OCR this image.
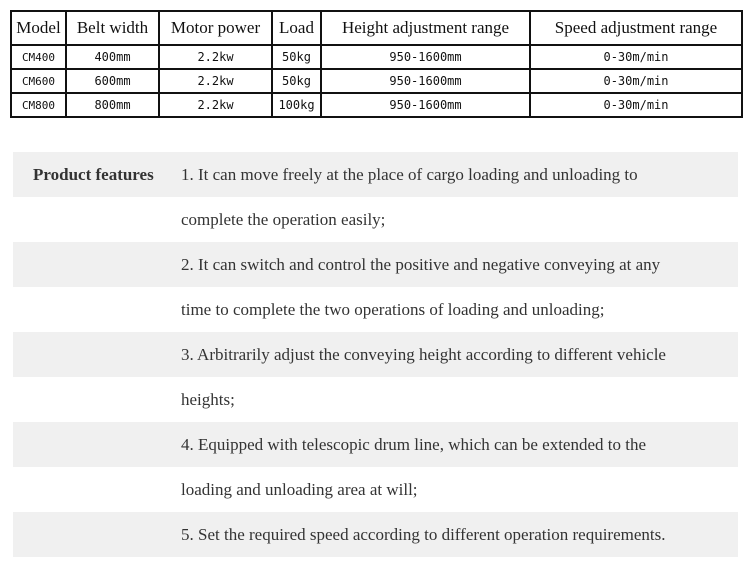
Model	Belt width	Motor power	Load	Height adjustment range	Speed adjustment range
CM400	400mm	2.2kw	50kg	950-1600mm	0-30m/min
CM600	600mm	2.2kw	50kg	950-1600mm	0-30m/min
CM800	800mm	2.2kw	100kg	950-1600mm	0-30m/min
Product features 1. It can move freely at the place of cargo loading and unloading to
complete the operation easily;
2. It can switch and control the positive and negative conveying at any
time to complete the two operations of loading and unloading;
3. Arbitrarily adjust the conveying height according to different vehicle
heights;
4. Equipped with telescopic drum line, which can be extended to the
loading and unloading area at will;
5. Set the required speed according to different operation requirements.
